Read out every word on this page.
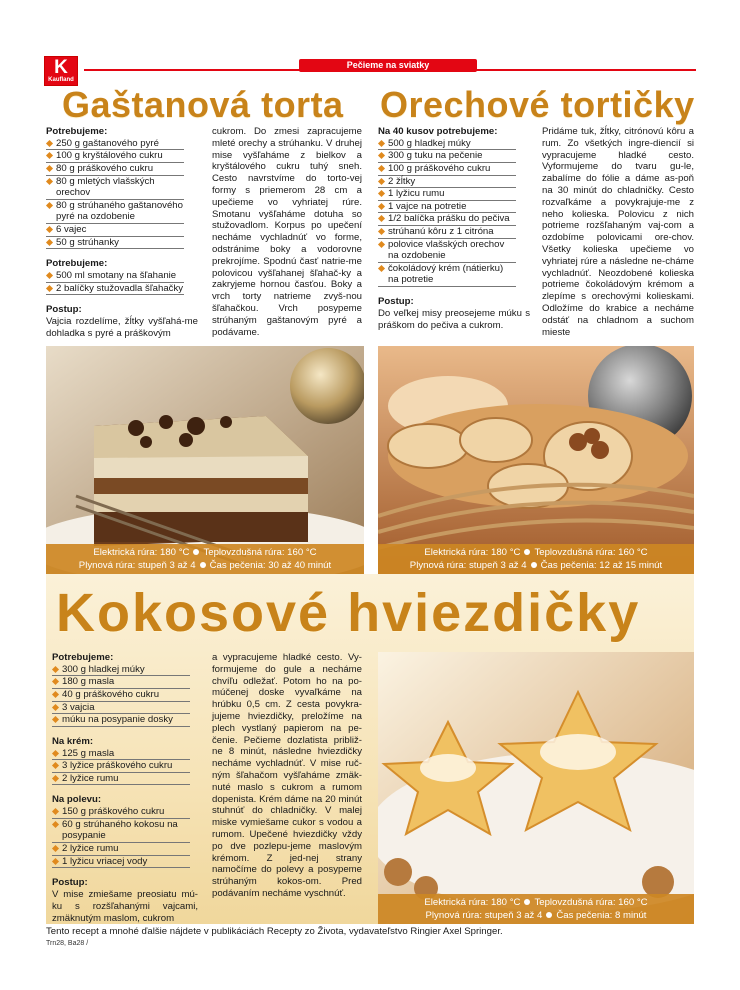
K
Kaufland
Pečieme na sviatky
Gaštanová torta
Potrebujeme:
250 g gaštanového pyré
100 g kryštálového cukru
80 g práškového cukru
80 g mletých vlašských orechov
80 g strúhaného gaštanového pyré na ozdobenie
6 vajec
50 g strúhanky
Potrebujeme:
500 ml smotany na šľahanie
2 balíčky stužovadla šľahačky
Postup:
Vajcia rozdelíme, žĺtky vyšľahá-me dohladka s pyré a práškovým
cukrom. Do zmesi zapracujeme mleté orechy a strúhanku. V druhej mise vyšľaháme z bielkov a kryštálového cukru tuhý sneh. Cesto navrstvíme do torto-vej formy s priemerom 28 cm a upečieme vo vyhriatej rúre. Smotanu vyšľaháme dotuha so stužovadlom. Korpus po upečení necháme vychladnúť vo forme, odstránime boky a vodorovne prekrojíme. Spodnú časť natrie-me polovicou vyšľahanej šľahač-ky a zakryjeme hornou časťou. Boky a vrch torty natrieme zvyš-nou šľahačkou. Vrch posypeme strúhaným gaštanovým pyré a podávame.
Elektrická rúra: 180 °C Teplovzdušná rúra: 160 °C
Plynová rúra: stupeň 3 až 4 Čas pečenia: 30 až 40 minút
Orechové tortičky
Na 40 kusov potrebujeme:
500 g hladkej múky
300 g tuku na pečenie
100 g práškového cukru
2 žĺtky
1 lyžicu rumu
1 vajce na potretie
1/2 balíčka prášku do pečiva
strúhanú kôru z 1 citróna
polovice vlašských orechov na ozdobenie
čokoládový krém (nátierku) na potretie
Postup:
Do veľkej misy preosejeme múku s práškom do pečiva a cukrom.
Pridáme tuk, žĺtky, citrónovú kôru a rum. Zo všetkých ingre-diencií si vypracujeme hladké cesto. Vyformujeme do tvaru gu-le, zabalíme do fólie a dáme as-poň na 30 minút do chladničky. Cesto rozvaľkáme a povykrajuje-me z neho kolieska. Polovicu z nich potrieme rozšľahaným vaj-com a ozdobíme polovicami ore-chov. Všetky kolieska upečieme vo vyhriatej rúre a následne ne-cháme vychladnúť. Neozdobené kolieska potrieme čokoládovým krémom a zlepíme s orechovými kolieskami. Odložíme do krabice a necháme odstáť na chladnom a suchom mieste
Elektrická rúra: 180 °C Teplovzdušná rúra: 160 °C
Plynová rúra: stupeň 3 až 4 Čas pečenia: 12 až 15 minút
Kokosové hviezdičky
Potrebujeme:
300 g hladkej múky
180 g masla
40 g práškového cukru
3 vajcia
múku na posypanie dosky
Na krém:
125 g masla
3 lyžice práškového cukru
2 lyžice rumu
Na polevu:
150 g práškového cukru
60 g strúhaného kokosu na posypanie
2 lyžice rumu
1 lyžicu vriacej vody
Postup:
V mise zmiešame preosiatu mú-ku s rozšľahanými vajcami, zmäknutým maslom, cukrom
a vypracujeme hladké cesto. Vy-formujeme do gule a necháme chvíľu odležať. Potom ho na po-múčenej doske vyvaľkáme na hrúbku 0,5 cm. Z cesta povykra-jujeme hviezdičky, preložíme na plech vystlaný papierom na pe-čenie. Pečieme dozlatista približ-ne 8 minút, následne hviezdičky necháme vychladnúť. V mise ruč-ným šľahačom vyšľaháme zmäk-nuté maslo s cukrom a rumom dopenista. Krém dáme na 20 minút stuhnúť do chladničky. V malej miske vymiešame cukor s vodou a rumom. Upečené hviezdičky vždy po dve pozlepu-jeme maslovým krémom. Z jed-nej strany namočíme do polevy a posypeme strúhaným kokos-om. Pred podávaním necháme vyschnúť.
Elektrická rúra: 180 °C Teplovzdušná rúra: 160 °C
Plynová rúra: stupeň 3 až 4 Čas pečenia: 8 minút
Tento recept a mnohé ďalšie nájdete v publikáciách Recepty zo Života, vydavateľstvo Ringier Axel Springer.
Trn28, Ba28 /
